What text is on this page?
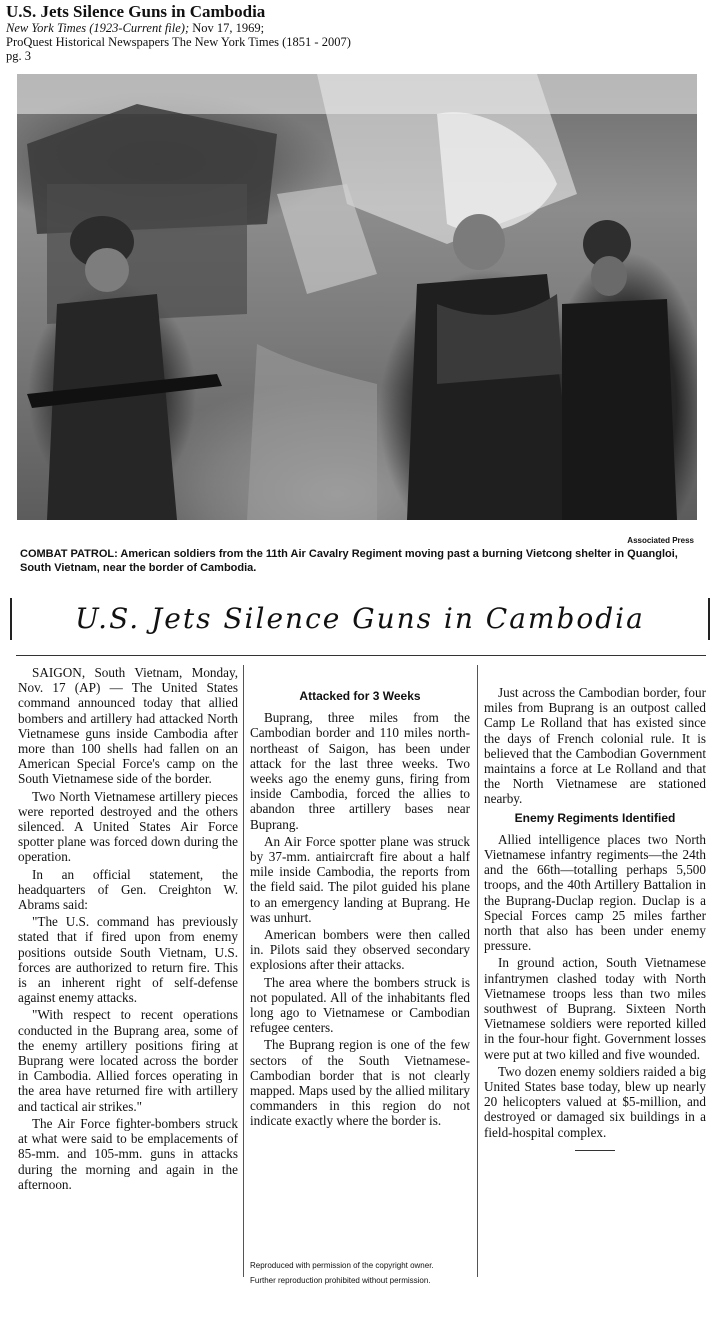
U.S. Jets Silence Guns in Cambodia
New York Times (1923-Current file); Nov 17, 1969;
ProQuest Historical Newspapers The New York Times (1851 - 2007)
pg. 3
Associated Press
COMBAT PATROL: American soldiers from the 11th Air Cavalry Regiment moving past a burning Vietcong shelter in Quangloi, South Vietnam, near the border of Cambodia.
U.S. Jets Silence Guns in Cambodia

SAIGON, South Vietnam, Monday, Nov. 17 (AP) — The United States command announced today that allied bombers and artillery had attacked North Vietnamese guns inside Cambodia after more than 100 shells had fallen on an American Special Force's camp on the South Vietnamese side of the border.

Two North Vietnamese artillery pieces were reported destroyed and the others silenced. A United States Air Force spotter plane was forced down during the operation.

In an official statement, the headquarters of Gen. Creighton W. Abrams said:

"The U.S. command has previously stated that if fired upon from enemy positions outside South Vietnam, U.S. forces are authorized to return fire. This is an inherent right of self-defense against enemy attacks.

"With respect to recent operations conducted in the Buprang area, some of the enemy artillery positions firing at Buprang were located across the border in Cambodia. Allied forces operating in the area have returned fire with artillery and tactical air strikes."

The Air Force fighter-bombers struck at what were said to be emplacements of 85-mm. and 105-mm. guns in attacks during the morning and again in the afternoon.

Attacked for 3 Weeks

Buprang, three miles from the Cambodian border and 110 miles north-northeast of Saigon, has been under attack for the last three weeks. Two weeks ago the enemy guns, firing from inside Cambodia, forced the allies to abandon three artillery bases near Buprang.

An Air Force spotter plane was struck by 37-mm. antiaircraft fire about a half mile inside Cambodia, the reports from the field said. The pilot guided his plane to an emergency landing at Buprang. He was unhurt.

American bombers were then called in. Pilots said they observed secondary explosions after their attacks.

The area where the bombers struck is not populated. All of the inhabitants fled long ago to Vietnamese or Cambodian refugee centers.

The Buprang region is one of the few sectors of the South Vietnamese-Cambodian border that is not clearly mapped. Maps used by the allied military commanders in this region do not indicate exactly where the border is.

Just across the Cambodian border, four miles from Buprang is an outpost called Camp Le Rolland that has existed since the days of French colonial rule. It is believed that the Cambodian Government maintains a force at Le Rolland and that the North Vietnamese are stationed nearby.

Enemy Regiments Identified

Allied intelligence places two North Vietnamese infantry regiments—the 24th and the 66th—totalling perhaps 5,500 troops, and the 40th Artillery Battalion in the Buprang-Duclap region. Duclap is a Special Forces camp 25 miles farther north that also has been under enemy pressure.

In ground action, South Vietnamese infantrymen clashed today with North Vietnamese troops less than two miles southwest of Buprang. Sixteen North Vietnamese soldiers were reported killed in the four-hour fight. Government losses were put at two killed and five wounded.

Two dozen enemy soldiers raided a big United States base today, blew up nearly 20 helicopters valued at $5-million, and destroyed or damaged six buildings in a field-hospital complex.

Reproduced with permission of the copyright owner.
Further reproduction prohibited without permission.
